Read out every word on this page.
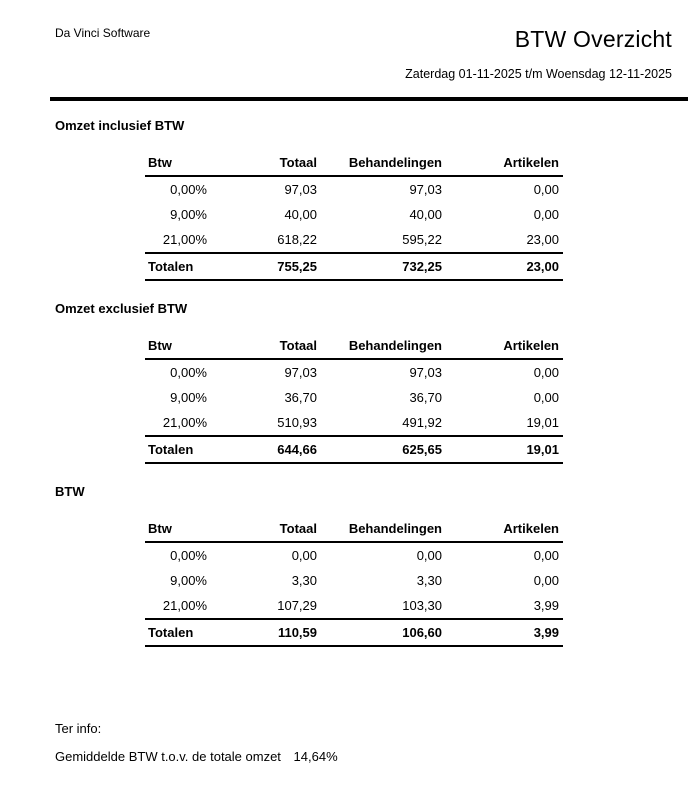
Da Vinci Software	BTW Overzicht
Zaterdag 01-11-2025 t/m Woensdag 12-11-2025
Omzet inclusief BTW
Btw	Totaal	Behandelingen	Artikelen
0,00%	97,03	97,03	0,00
9,00%	40,00	40,00	0,00
21,00%	618,22	595,22	23,00
Totalen	755,25	732,25	23,00
Omzet exclusief BTW
Btw	Totaal	Behandelingen	Artikelen
0,00%	97,03	97,03	0,00
9,00%	36,70	36,70	0,00
21,00%	510,93	491,92	19,01
Totalen	644,66	625,65	19,01
BTW
Btw	Totaal	Behandelingen	Artikelen
0,00%	0,00	0,00	0,00
9,00%	3,30	3,30	0,00
21,00%	107,29	103,30	3,99
Totalen	110,59	106,60	3,99
Ter info:
Gemiddelde BTW t.o.v. de totale omzet 14,64%
